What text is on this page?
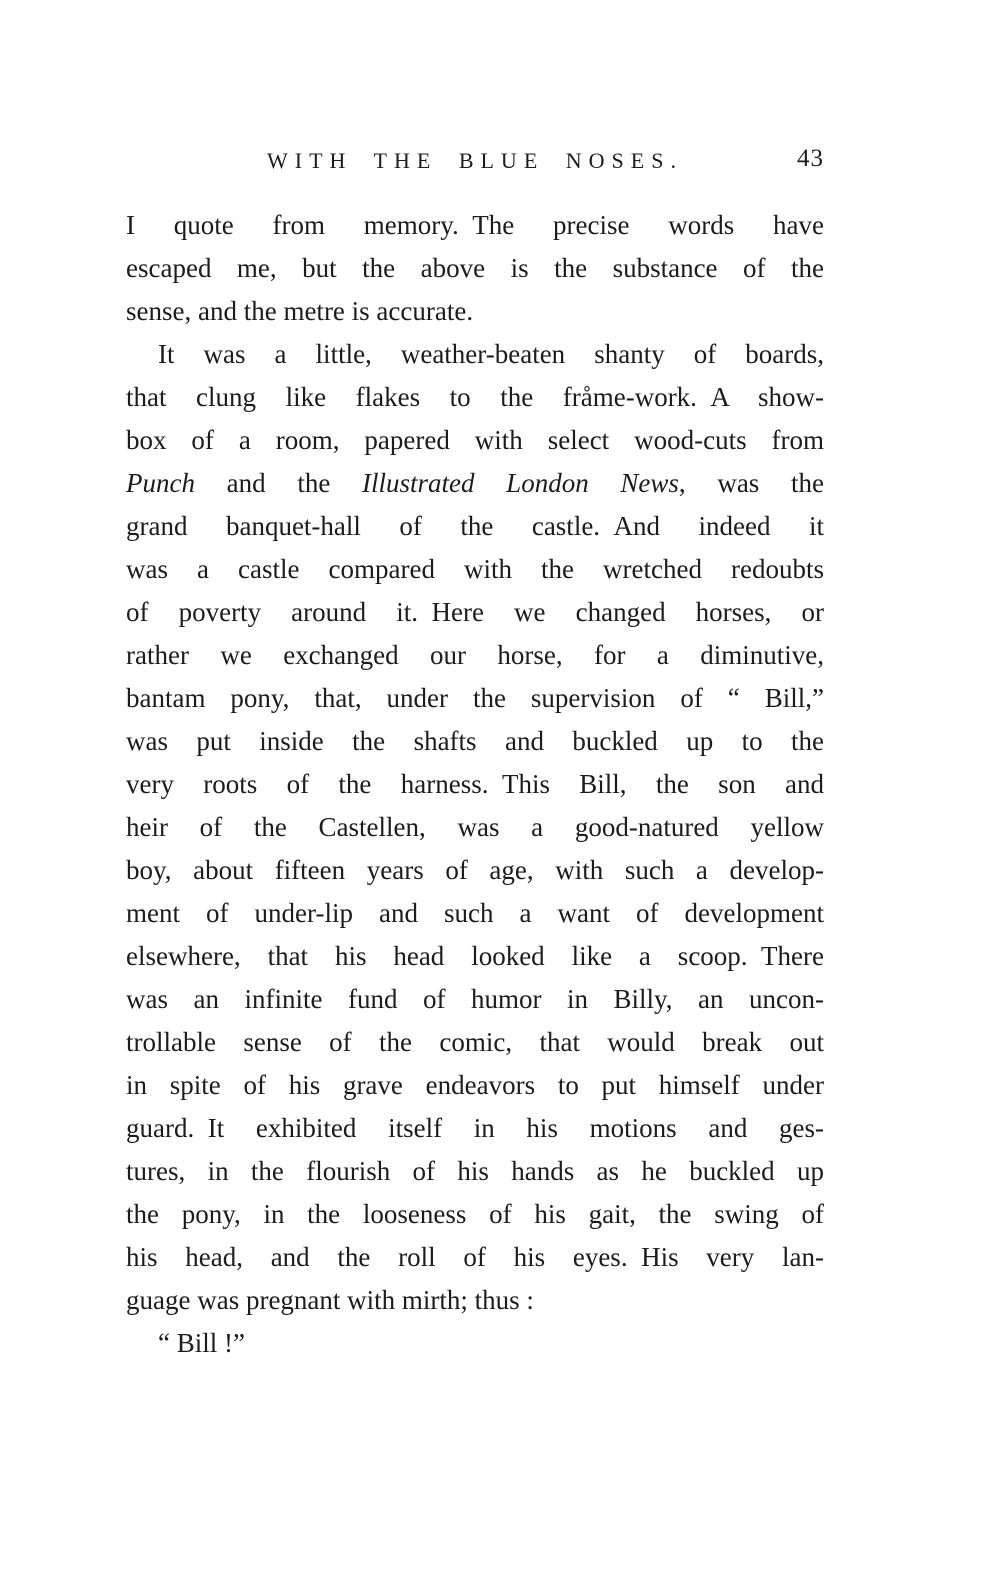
WITH THE BLUE NOSES.	43
I quote from memory. The precise words have
escaped me, but the above is the substance of the
sense, and the metre is accurate.
It was a little, weather-beaten shanty of boards,
that clung like flakes to the fråme-work. A show-
box of a room, papered with select wood-cuts from
Punch and the Illustrated London News, was the
grand banquet-hall of the castle. And indeed it
was a castle compared with the wretched redoubts
of poverty around it. Here we changed horses, or
rather we exchanged our horse, for a diminutive,
bantam pony, that, under the supervision of “ Bill,”
was put inside the shafts and buckled up to the
very roots of the harness. This Bill, the son and
heir of the Castellen, was a good-natured yellow
boy, about fifteen years of age, with such a develop-
ment of under-lip and such a want of development
elsewhere, that his head looked like a scoop. There
was an infinite fund of humor in Billy, an uncon-
trollable sense of the comic, that would break out
in spite of his grave endeavors to put himself under
guard. It exhibited itself in his motions and ges-
tures, in the flourish of his hands as he buckled up
the pony, in the looseness of his gait, the swing of
his head, and the roll of his eyes. His very lan-
guage was pregnant with mirth; thus :
“ Bill !”
